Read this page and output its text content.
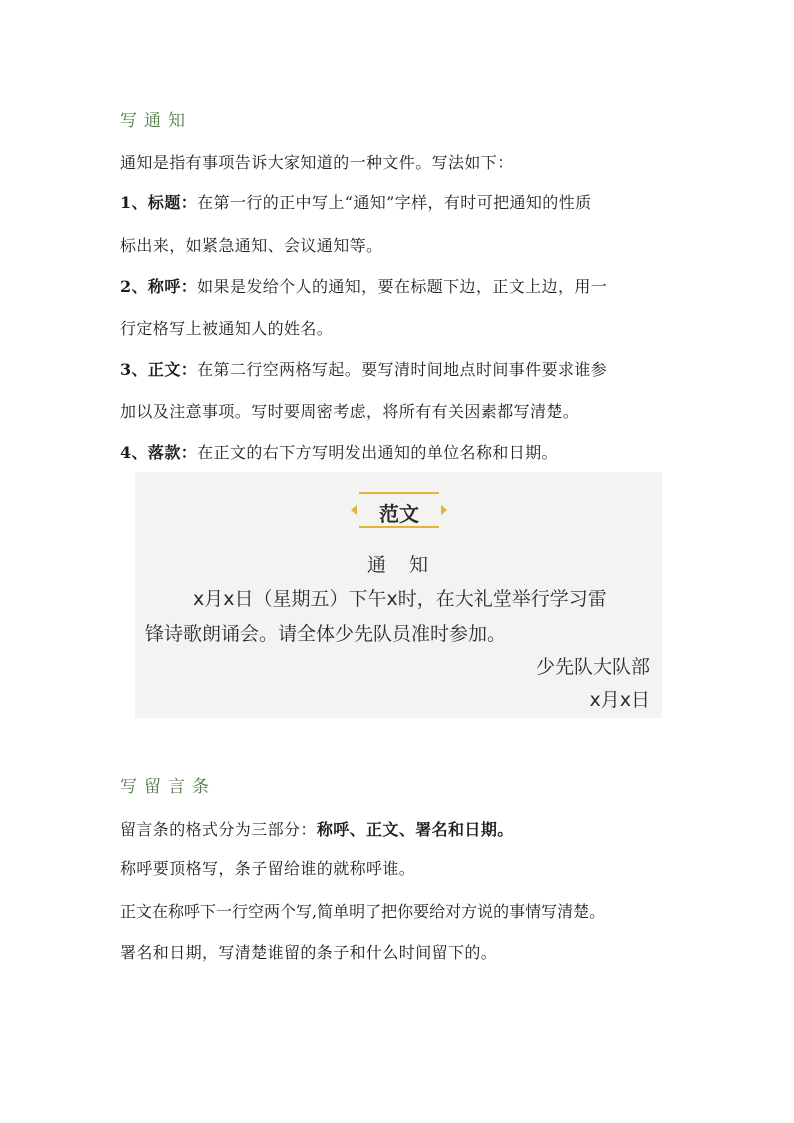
写通知
通知是指有事项告诉大家知道的一种文件。写法如下：
1、标题：在第一行的正中写上“通知”字样，有时可把通知的性质
标出来，如紧急通知、会议通知等。
2、称呼：如果是发给个人的通知，要在标题下边，正文上边，用一
行定格写上被通知人的姓名。
3、正文：在第二行空两格写起。要写清时间地点时间事件要求谁参
加以及注意事项。写时要周密考虑，将所有有关因素都写清楚。
4、落款：在正文的右下方写明发出通知的单位名称和日期。
范文
通　知
x月x日（星期五）下午x时，在大礼堂举行学习雷
锋诗歌朗诵会。请全体少先队员准时参加。
少先队大队部
x月x日
写留言条
留言条的格式分为三部分：称呼、正文、署名和日期。
称呼要顶格写，条子留给谁的就称呼谁。
正文在称呼下一行空两个写,简单明了把你要给对方说的事情写清楚。
署名和日期，写清楚谁留的条子和什么时间留下的。
